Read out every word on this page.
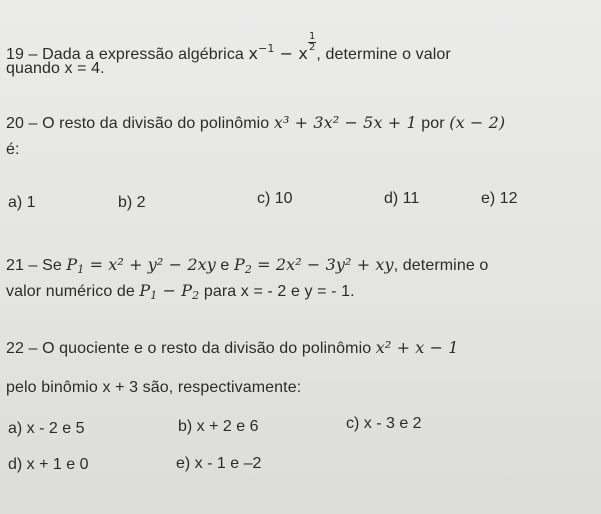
19 – Dada a expressão algébrica $x^{-1} - x$
$\frac{1}{2}$
, determine o valor
quando x = 4.
20 – O resto da divisão do polinômio x³ + 3x² − 5x + 1 por (x − 2)
é:
a) 1	b) 2	c) 10	d) 11	e) 12
21 – Se $P_1 = x^2 + y^2 - 2xy$ e $P_2 = 2x^2 - 3y^2$ + xy, determine o
valor numérico de $P_1 - P_2$ para x = - 2 e y = - 1.
22 – O quociente e o resto da divisão do polinômio x² + x − 1
pelo binômio x + 3 são, respectivamente:
a) x - 2 e 5	b) x + 2 e 6	c) x - 3 e 2
d) x + 1 e 0	e) x - 1 e –2
